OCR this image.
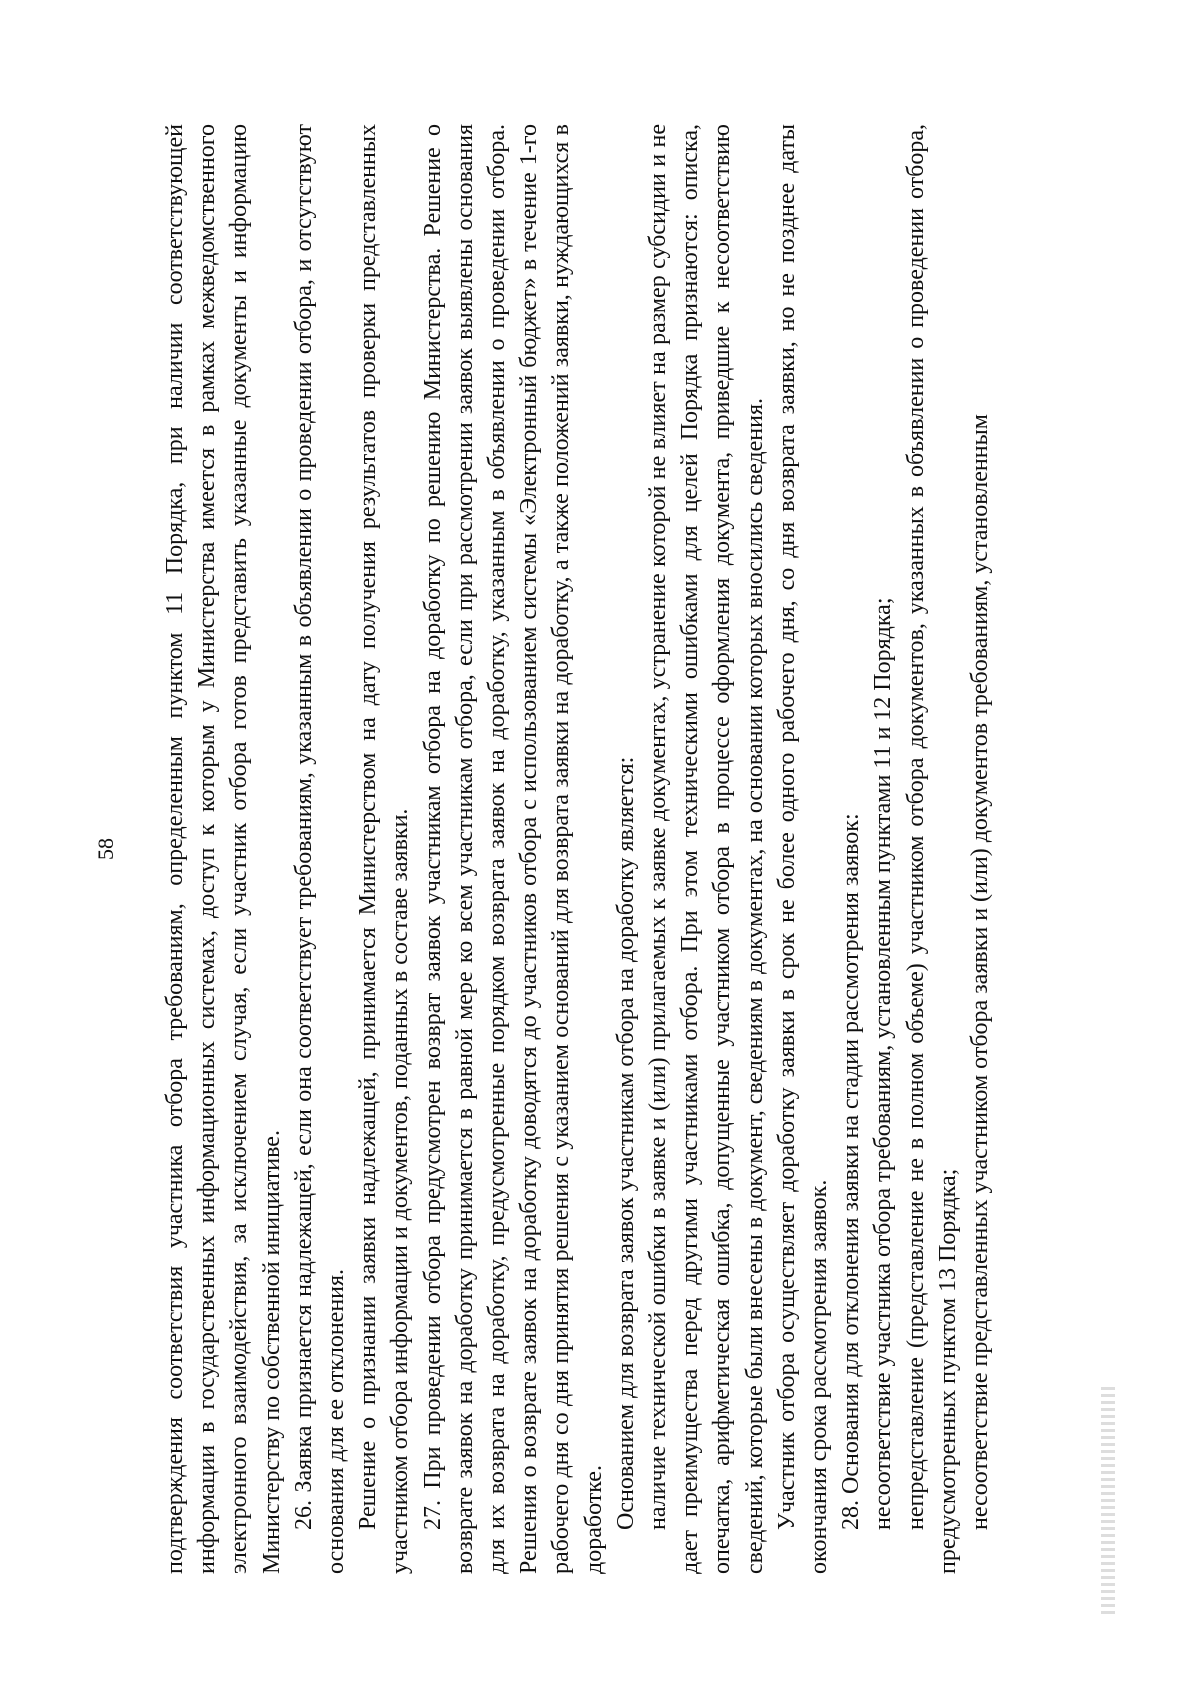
58 подтверждения соответствия участника отбора требованиям, определенным пунктом 11 Порядка, при наличии соответствующей информации в государственных информационных системах, доступ к которым у Министерства имеется в рамках межведомственного электронного взаимодействия, за исключением случая, если участник отбора готов представить указанные документы и информацию Министерству по собственной инициативе. 26. Заявка признается надлежащей, если она соответствует требованиям, указанным в объявлении о проведении отбора, и отсутствуют основания для ее отклонения. Решение о признании заявки надлежащей, принимается Министерством на дату получения результатов проверки представленных участником отбора информации и документов, поданных в составе заявки. 27. При проведении отбора предусмотрен возврат заявок участникам отбора на доработку по решению Министерства. Решение о возврате заявок на доработку принимается в равной мере ко всем участникам отбора, если при рассмотрении заявок выявлены основания для их возврата на доработку, предусмотренные порядком возврата заявок на доработку, указанным в объявлении о проведении отбора. Решения о возврате заявок на доработку доводятся до участников отбора с использованием системы «Электронный бюджет» в течение 1-го рабочего дня со дня принятия решения с указанием оснований для возврата заявки на доработку, а также положений заявки, нуждающихся в доработке. Основанием для возврата заявок участникам отбора на доработку является: наличие технической ошибки в заявке и (или) прилагаемых к заявке документах, устранение которой не влияет на размер субсидии и не дает преимущества перед другими участниками отбора. При этом техническими ошибками для целей Порядка признаются: описка, опечатка, арифметическая ошибка, допущенные участником отбора в процессе оформления документа, приведшие к несоответствию сведений, которые были внесены в документ, сведениям в документах, на основании которых вносились сведения. Участник отбора осуществляет доработку заявки в срок не более одного рабочего дня, со дня возврата заявки, но не позднее даты окончания срока рассмотрения заявок. 28. Основания для отклонения заявки на стадии рассмотрения заявок: несоответствие участника отбора требованиям, установленным пунктами 11 и 12 Порядка; непредставление (представление не в полном объеме) участником отбора документов, указанных в объявлении о проведении отбора, предусмотренных пунктом 13 Порядка; несоответствие представленных участником отбора заявки и (или) документов требованиям, установленным
